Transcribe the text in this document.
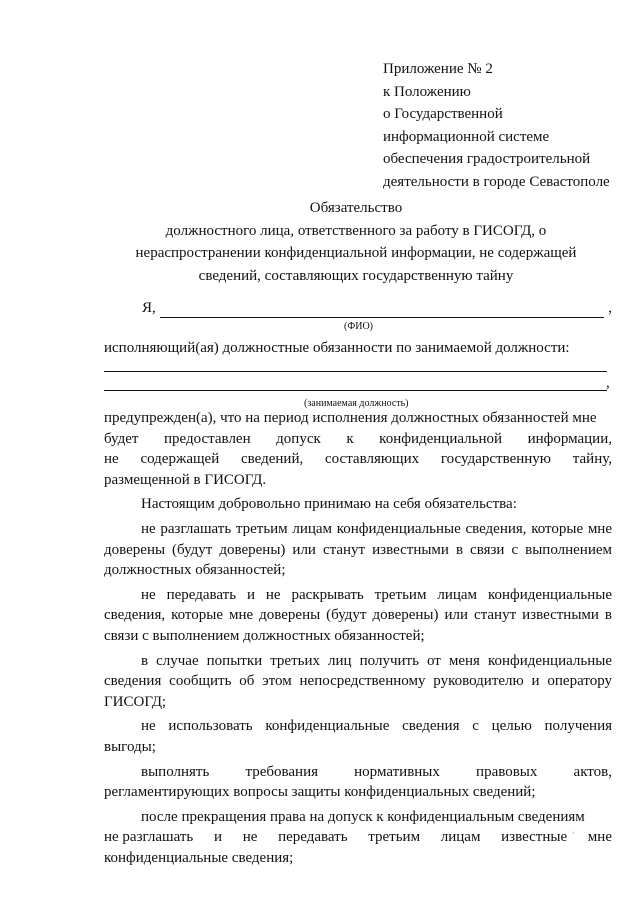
Приложение № 2
к Положению
о Государственной
информационной системе
обеспечения градостроительной
деятельности в городе Севастополе
Обязательство
должностного лица, ответственного за работу в ГИСОГД, о
нераспространении конфиденциальной информации, не содержащей
сведений, составляющих государственную тайну
Я,	,
(ФИО)
исполняющий(ая) должностные обязанности по занимаемой должности:
,
(занимаемая должность)
предупрежден(а), что на период исполнения должностных обязанностей мне
будет предоставлен допуск к конфиденциальной информации,
не содержащей сведений, составляющих государственную тайну,
размещенной в ГИСОГД.

Настоящим добровольно принимаю на себя обязательства:

не разглашать третьим лицам конфиденциальные сведения, которые мне доверены (будут доверены) или станут известными в связи с выполнением должностных обязанностей;

не передавать и не раскрывать третьим лицам конфиденциальные сведения, которые мне доверены (будут доверены) или станут известными в связи с выполнением должностных обязанностей;

в случае попытки третьих лиц получить от меня конфиденциальные сведения сообщить об этом непосредственному руководителю и оператору ГИСОГД;

не использовать конфиденциальные сведения с целью получения выгоды;

выполнять требования нормативных правовых актов,
регламентирующих вопросы защиты конфиденциальных сведений;
после прекращения права на допуск к конфиденциальным сведениям
не разглашать и не передавать третьим лицам известные мне
конфиденциальные сведения;
‘
